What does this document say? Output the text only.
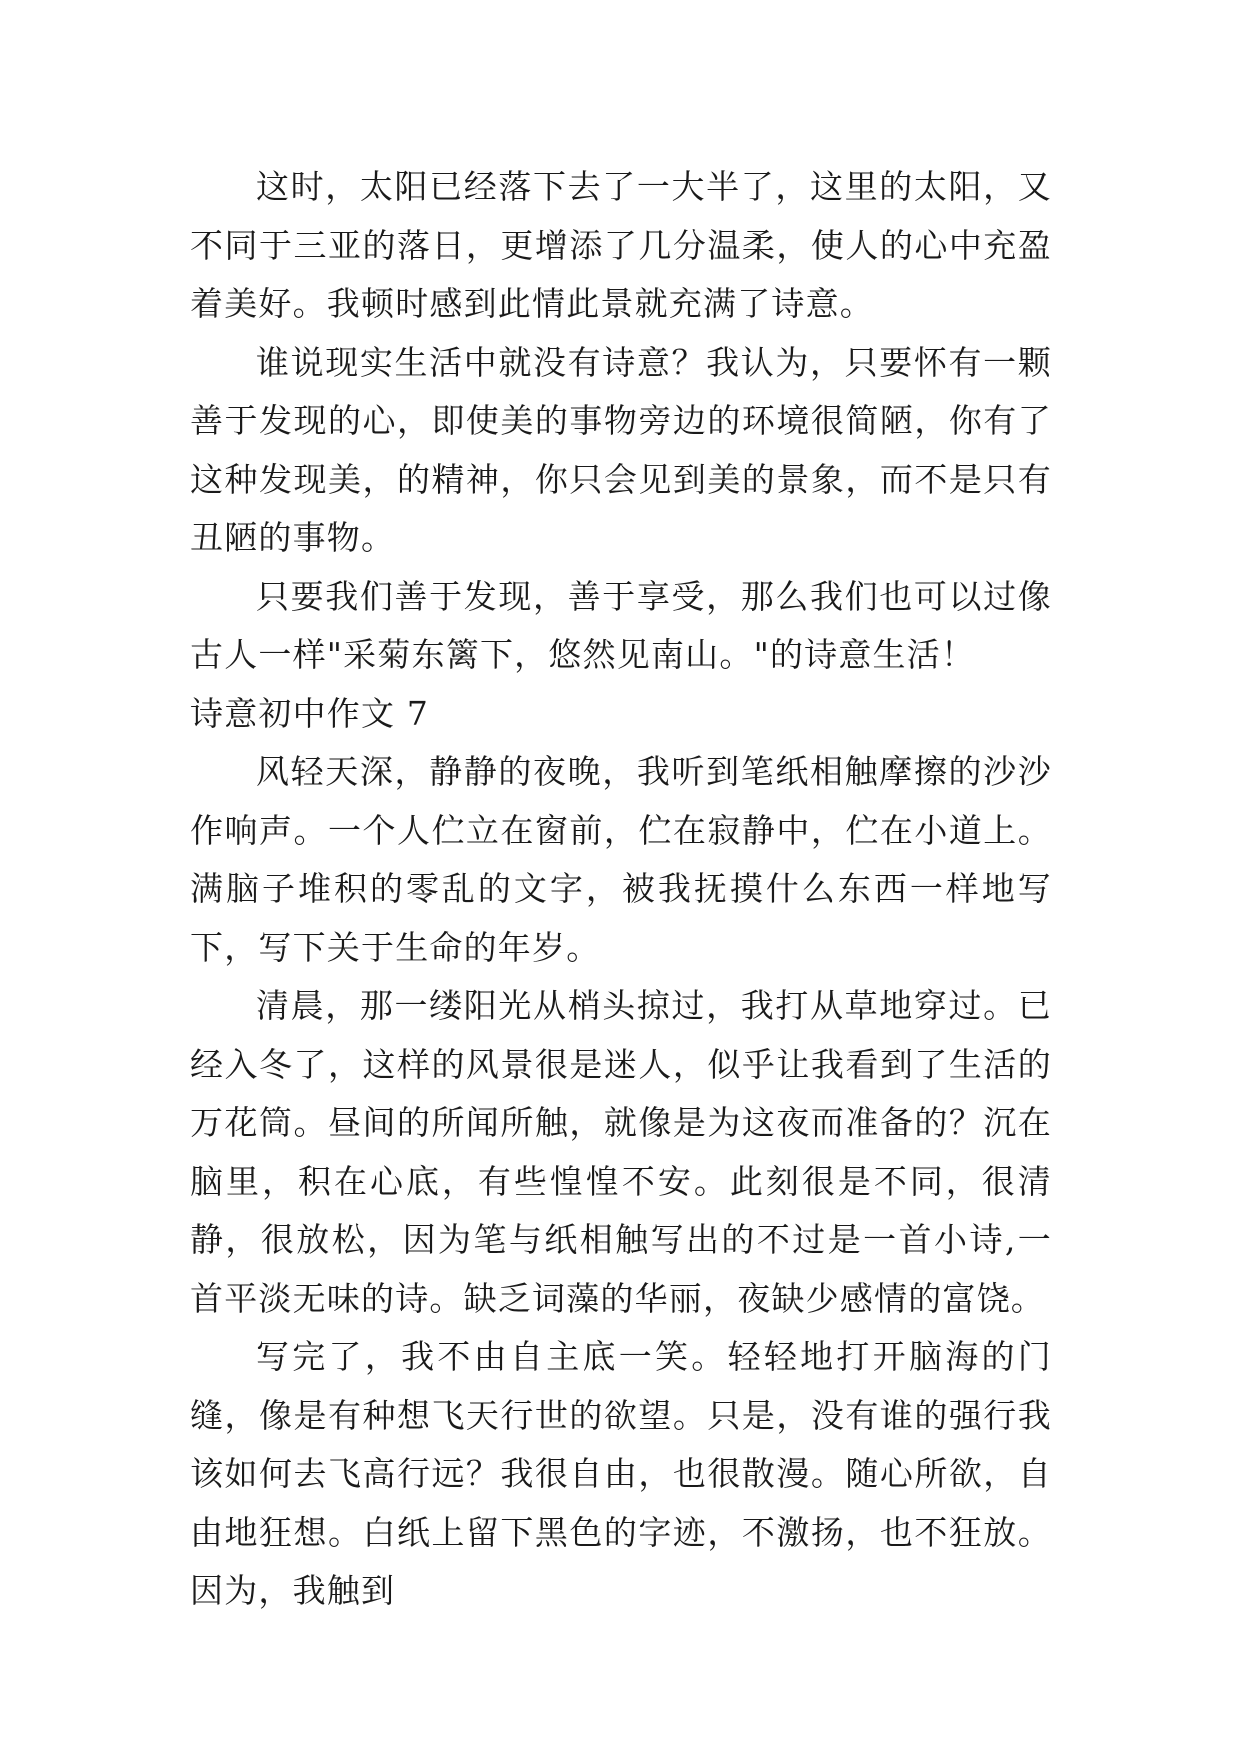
这时，太阳已经落下去了一大半了，这里的太阳，又不同于三亚的落日，更增添了几分温柔，使人的心中充盈着美好。我顿时感到此情此景就充满了诗意。

谁说现实生活中就没有诗意？我认为，只要怀有一颗善于发现的心，即使美的事物旁边的环境很简陋，你有了这种发现美，的精神，你只会见到美的景象，而不是只有丑陋的事物。

只要我们善于发现，善于享受，那么我们也可以过像古人一样"采菊东篱下，悠然见南山。"的诗意生活！

诗意初中作文 7

风轻天深，静静的夜晚，我听到笔纸相触摩擦的沙沙作响声。一个人伫立在窗前，伫在寂静中，伫在小道上。满脑子堆积的零乱的文字，被我抚摸什么东西一样地写下，写下关于生命的年岁。

清晨，那一缕阳光从梢头掠过，我打从草地穿过。已经入冬了，这样的风景很是迷人，似乎让我看到了生活的万花筒。昼间的所闻所触，就像是为这夜而准备的？沉在脑里，积在心底，有些惶惶不安。此刻很是不同，很清静，很放松，因为笔与纸相触写出的不过是一首小诗,一首平淡无味的诗。缺乏词藻的华丽，夜缺少感情的富饶。

写完了，我不由自主底一笑。轻轻地打开脑海的门缝，像是有种想飞天行世的欲望。只是，没有谁的强行我该如何去飞高行远？我很自由，也很散漫。随心所欲，自由地狂想。白纸上留下黑色的字迹，不激扬，也不狂放。因为，我触到
